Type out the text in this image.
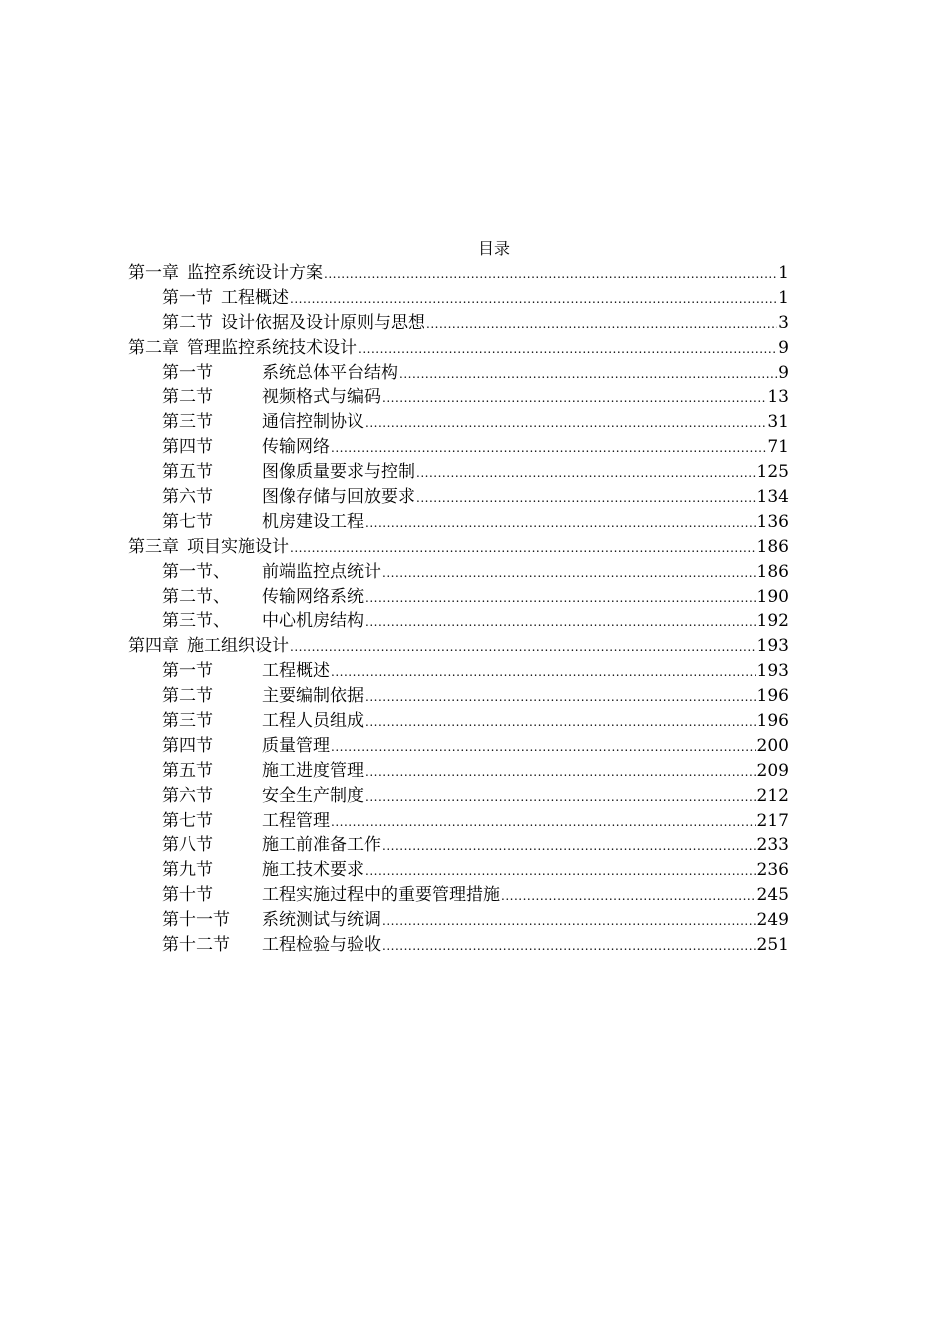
目录
第一章 监控系统设计方案 .....	1
第一节 工程概述 .....	1
第二节 设计依据及设计原则与思想 .....	3
第二章 管理监控系统技术设计 .....	9
第一节	系统总体平台结构 .....	9
第二节	视频格式与编码 .....	13
第三节	通信控制协议 .....	31
第四节	传输网络 .....	71
第五节	图像质量要求与控制 .....	125
第六节	图像存储与回放要求 .....	134
第七节	机房建设工程 .....	136
第三章 项目实施设计 .....	186
第一节、	前端监控点统计 .....	186
第二节、	传输网络系统 .....	190
第三节、	中心机房结构 .....	192
第四章 施工组织设计 .....	193
第一节	工程概述 .....	193
第二节	主要编制依据 .....	196
第三节	工程人员组成 .....	196
第四节	质量管理 .....	200
第五节	施工进度管理 .....	209
第六节	安全生产制度 .....	212
第七节	工程管理 .....	217
第八节	施工前准备工作 .....	233
第九节	施工技术要求 .....	236
第十节	工程实施过程中的重要管理措施 .....	245
第十一节	系统测试与统调 .....	249
第十二节	工程检验与验收 .....	251
